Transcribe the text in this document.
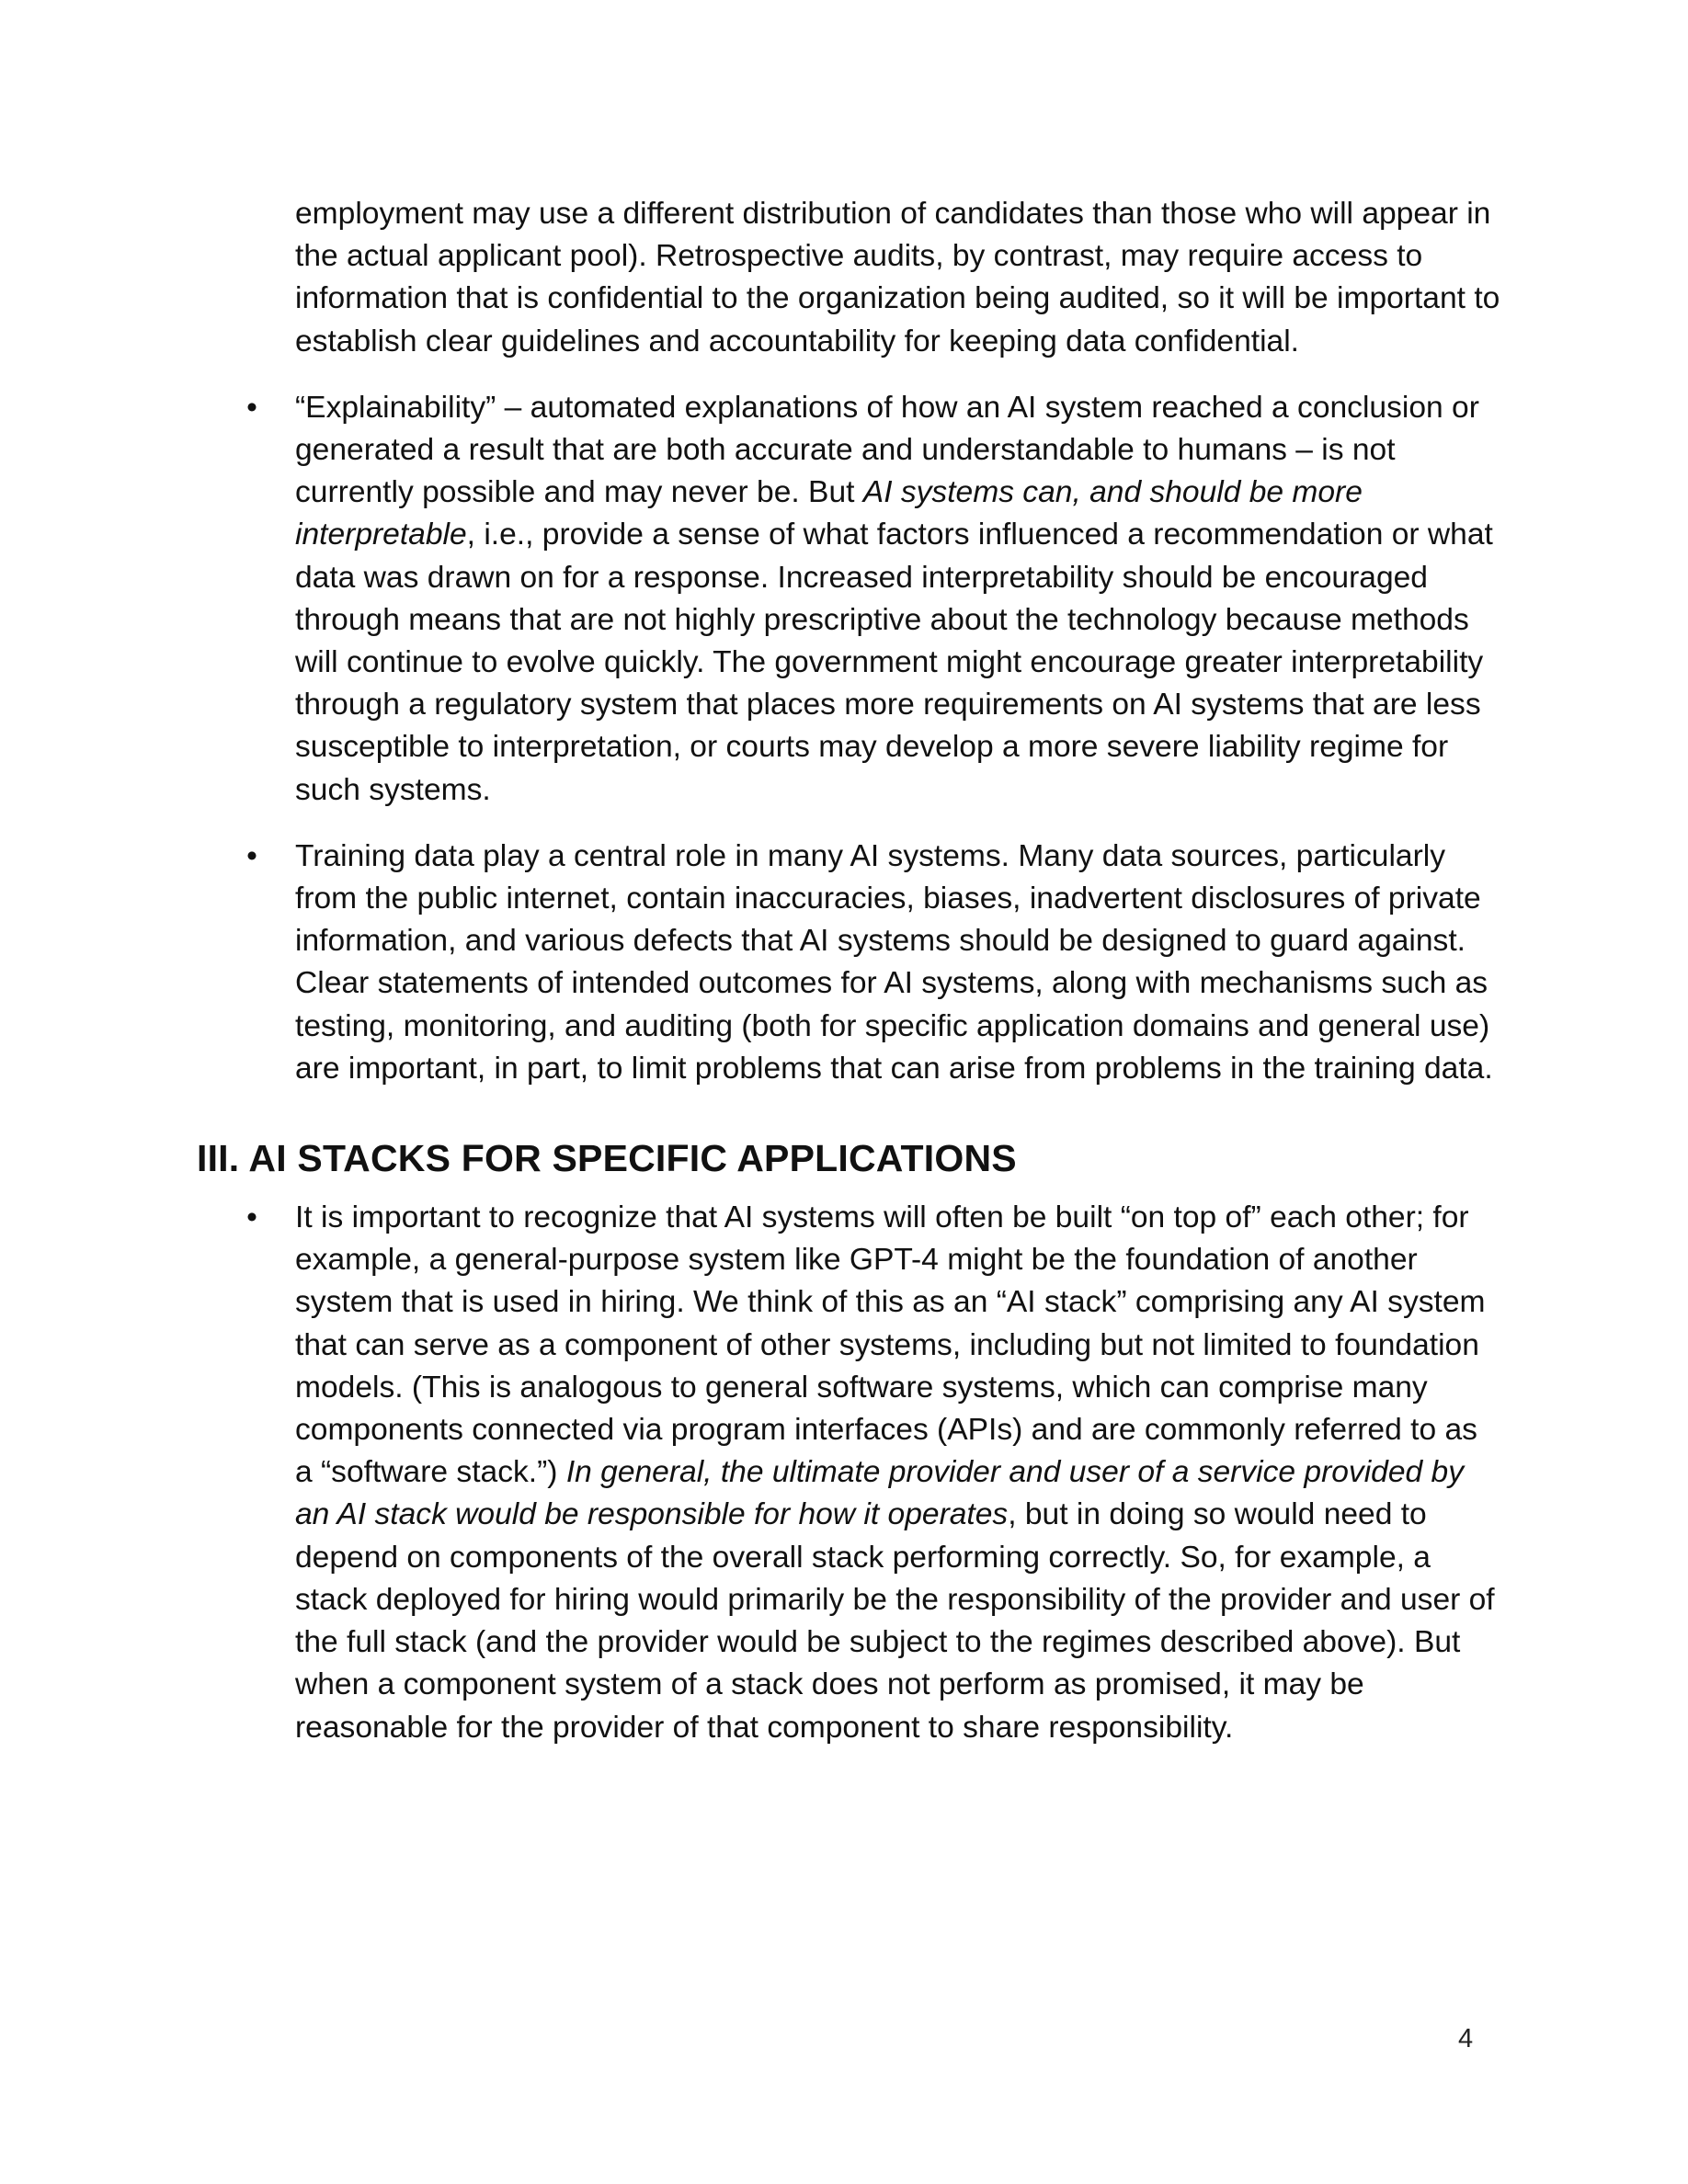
employment may use a different distribution of candidates than those who will appear in the actual applicant pool). Retrospective audits, by contrast, may require access to information that is confidential to the organization being audited, so it will be important to establish clear guidelines and accountability for keeping data confidential.

• “Explainability” – automated explanations of how an AI system reached a conclusion or generated a result that are both accurate and understandable to humans – is not currently possible and may never be. But AI systems can, and should be more interpretable, i.e., provide a sense of what factors influenced a recommendation or what data was drawn on for a response. Increased interpretability should be encouraged through means that are not highly prescriptive about the technology because methods will continue to evolve quickly. The government might encourage greater interpretability through a regulatory system that places more requirements on AI systems that are less susceptible to interpretation, or courts may develop a more severe liability regime for such systems.
• Training data play a central role in many AI systems. Many data sources, particularly from the public internet, contain inaccuracies, biases, inadvertent disclosures of private information, and various defects that AI systems should be designed to guard against. Clear statements of intended outcomes for AI systems, along with mechanisms such as testing, monitoring, and auditing (both for specific application domains and general use) are important, in part, to limit problems that can arise from problems in the training data.
III. AI STACKS FOR SPECIFIC APPLICATIONS
• It is important to recognize that AI systems will often be built “on top of” each other; for example, a general-purpose system like GPT-4 might be the foundation of another system that is used in hiring. We think of this as an “AI stack” comprising any AI system that can serve as a component of other systems, including but not limited to foundation models. (This is analogous to general software systems, which can comprise many components connected via program interfaces (APIs) and are commonly referred to as a “software stack.”) In general, the ultimate provider and user of a service provided by an AI stack would be responsible for how it operates, but in doing so would need to depend on components of the overall stack performing correctly. So, for example, a stack deployed for hiring would primarily be the responsibility of the provider and user of the full stack (and the provider would be subject to the regimes described above). But when a component system of a stack does not perform as promised, it may be reasonable for the provider of that component to share responsibility.
4
